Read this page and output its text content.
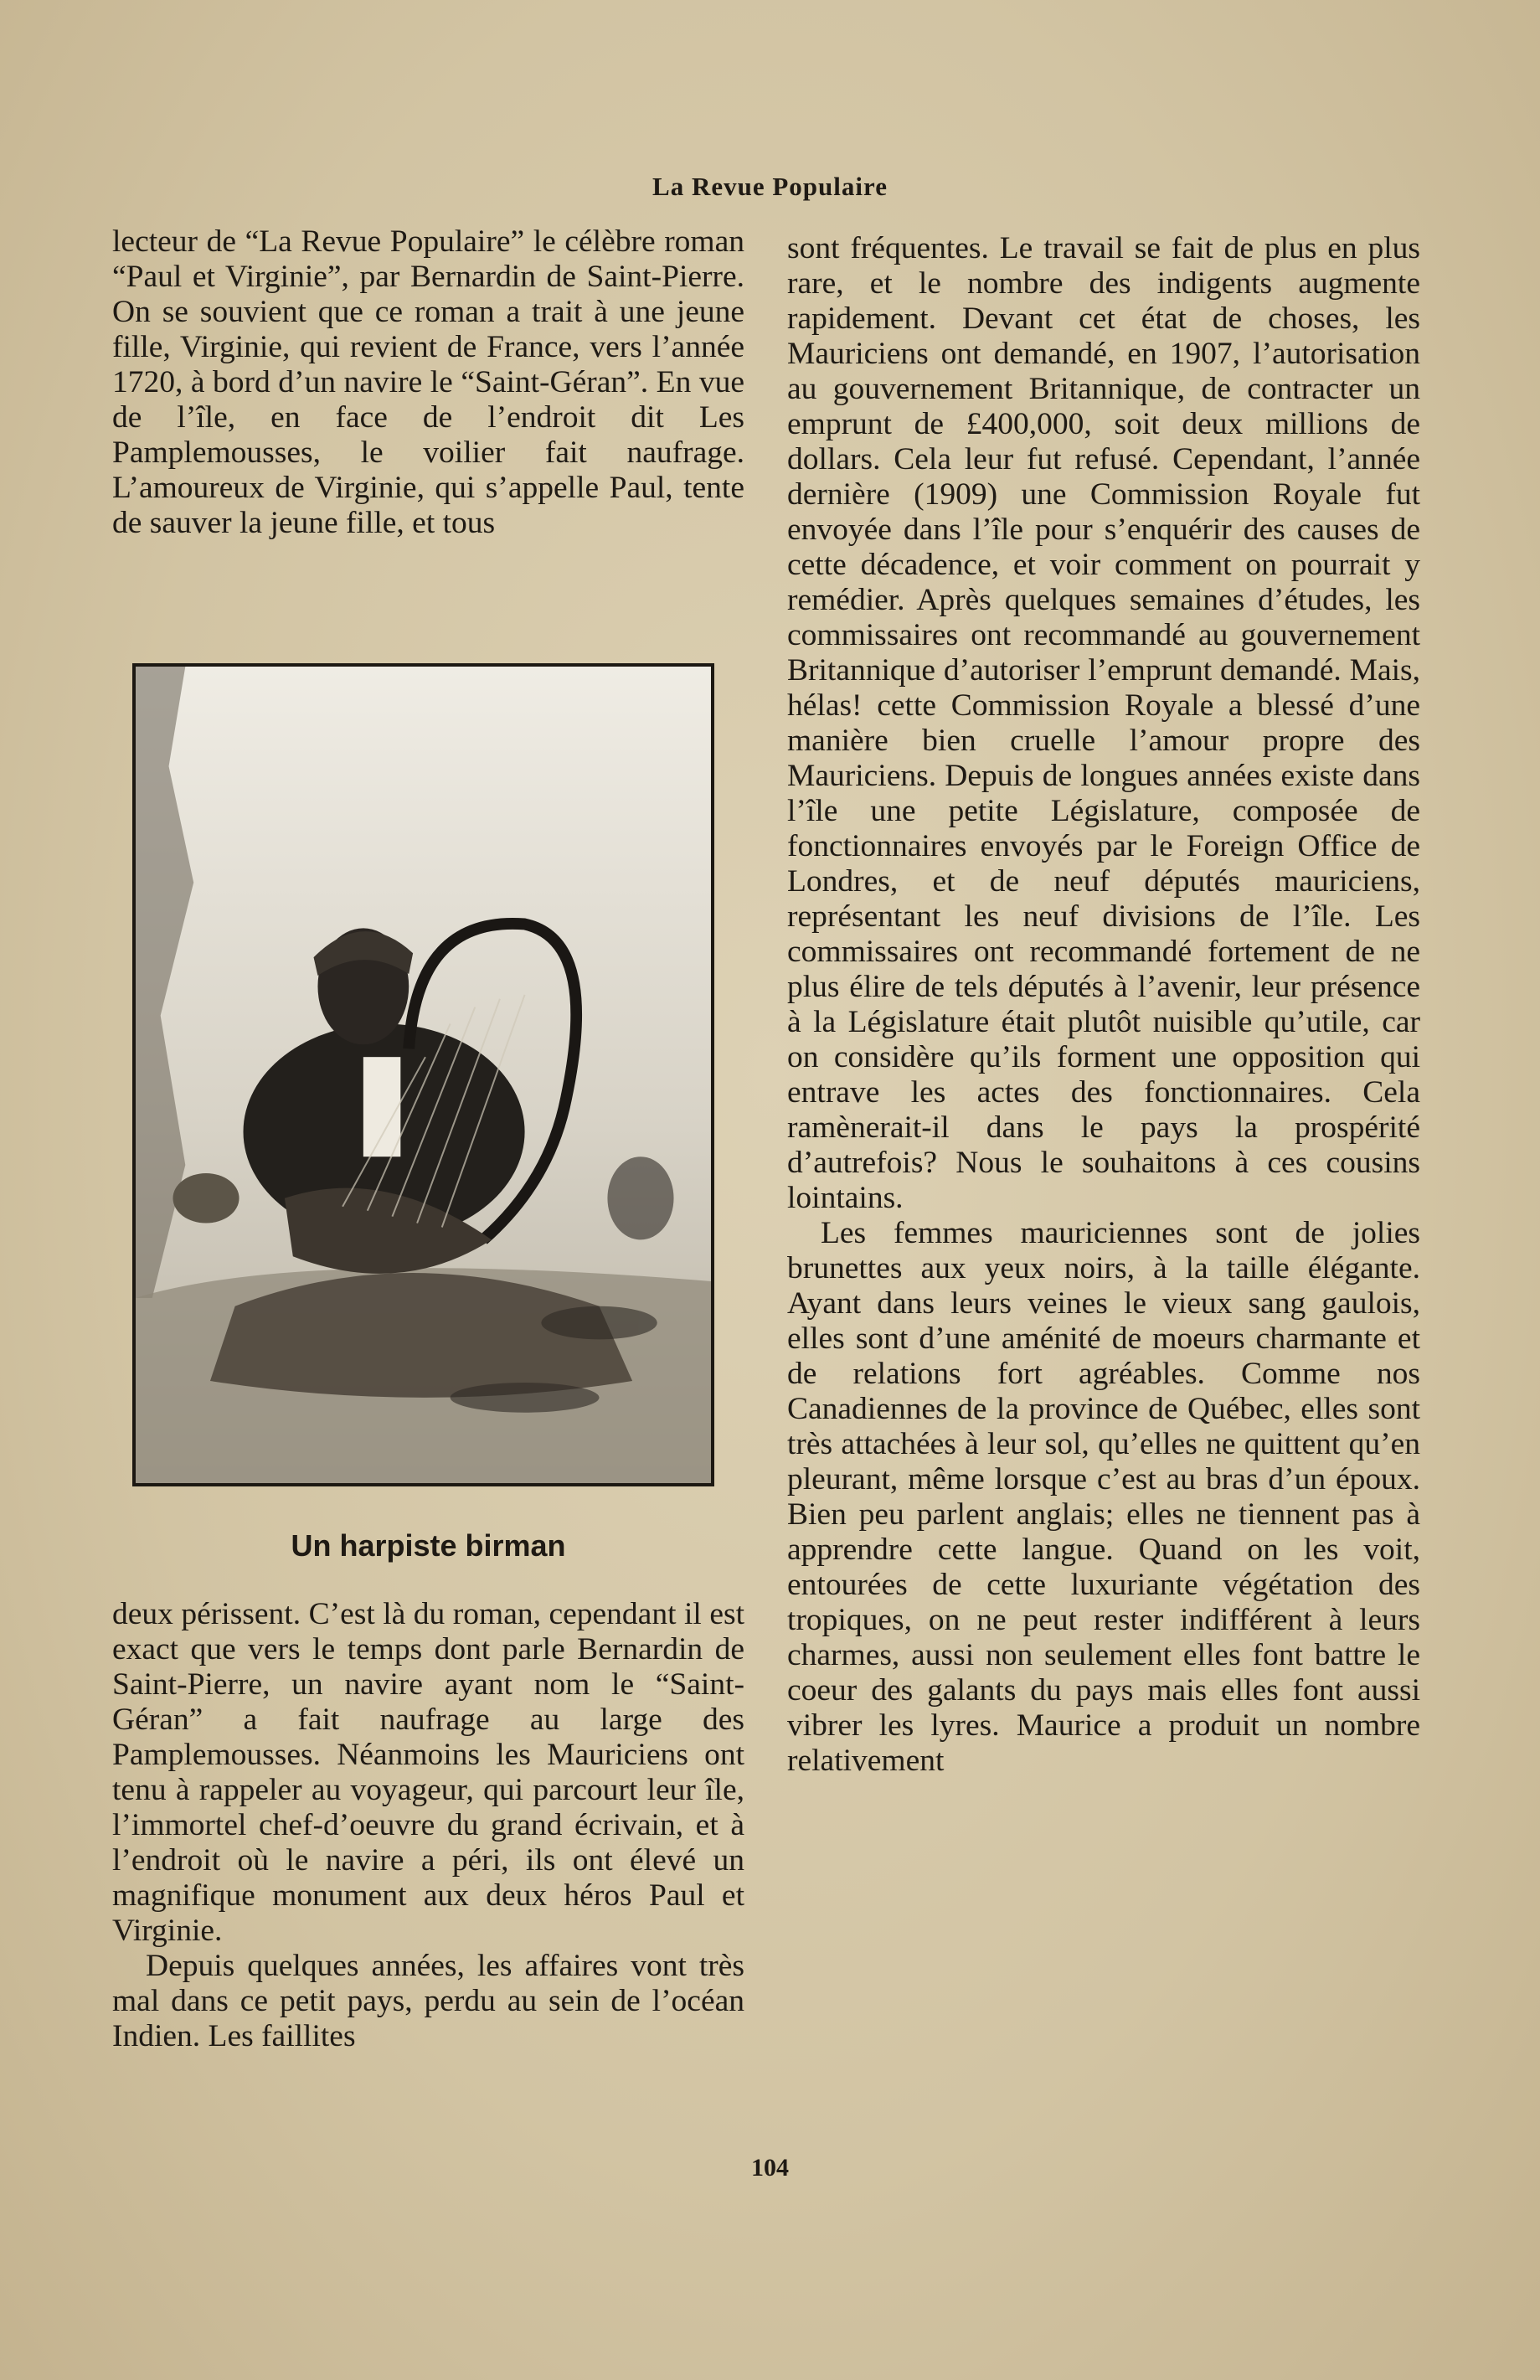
La Revue Populaire

lecteur de “La Revue Populaire” le célèbre roman “Paul et Virginie”, par Bernardin de Saint-Pierre. On se souvient que ce roman a trait à une jeune fille, Virginie, qui revient de France, vers l’année 1720, à bord d’un navire le “Saint-Géran”. En vue de l’île, en face de l’endroit dit Les Pamplemousses, le voilier fait naufrage. L’amoureux de Virginie, qui s’appelle Paul, tente de sauver la jeune fille, et tous

Un harpiste birman

deux périssent. C’est là du roman, cependant il est exact que vers le temps dont parle Bernardin de Saint-Pierre, un navire ayant nom le “Saint-Géran” a fait naufrage au large des Pamplemousses. Néanmoins les Mauriciens ont tenu à rappeler au voyageur, qui parcourt leur île, l’immortel chef-d’oeuvre du grand écrivain, et à l’endroit où le navire a péri, ils ont élevé un magnifique monument aux deux héros Paul et Virginie.

Depuis quelques années, les affaires vont très mal dans ce petit pays, perdu au sein de l’océan Indien. Les faillites

sont fréquentes. Le travail se fait de plus en plus rare, et le nombre des indigents augmente rapidement. Devant cet état de choses, les Mauriciens ont demandé, en 1907, l’autorisation au gouvernement Britannique, de contracter un emprunt de £400,000, soit deux millions de dollars. Cela leur fut refusé. Cependant, l’année dernière (1909) une Commission Royale fut envoyée dans l’île pour s’enquérir des causes de cette décadence, et voir comment on pourrait y remédier. Après quelques semaines d’études, les commissaires ont recommandé au gouvernement Britannique d’autoriser l’emprunt demandé. Mais, hélas! cette Commission Royale a blessé d’une manière bien cruelle l’amour propre des Mauriciens. Depuis de longues années existe dans l’île une petite Législature, composée de fonctionnaires envoyés par le Foreign Office de Londres, et de neuf députés mauriciens, représentant les neuf divisions de l’île. Les commissaires ont recommandé fortement de ne plus élire de tels députés à l’avenir, leur présence à la Législature était plutôt nuisible qu’utile, car on considère qu’ils forment une opposition qui entrave les actes des fonctionnaires. Cela ramènerait-il dans le pays la prospérité d’autrefois? Nous le souhaitons à ces cousins lointains.

Les femmes mauriciennes sont de jolies brunettes aux yeux noirs, à la taille élégante. Ayant dans leurs veines le vieux sang gaulois, elles sont d’une aménité de moeurs charmante et de relations fort agréables. Comme nos Canadiennes de la province de Québec, elles sont très attachées à leur sol, qu’elles ne quittent qu’en pleurant, même lorsque c’est au bras d’un époux. Bien peu parlent anglais; elles ne tiennent pas à apprendre cette langue. Quand on les voit, entourées de cette luxuriante végétation des tropiques, on ne peut rester indifférent à leurs charmes, aussi non seulement elles font battre le coeur des galants du pays mais elles font aussi vibrer les lyres. Maurice a produit un nombre relativement

104
